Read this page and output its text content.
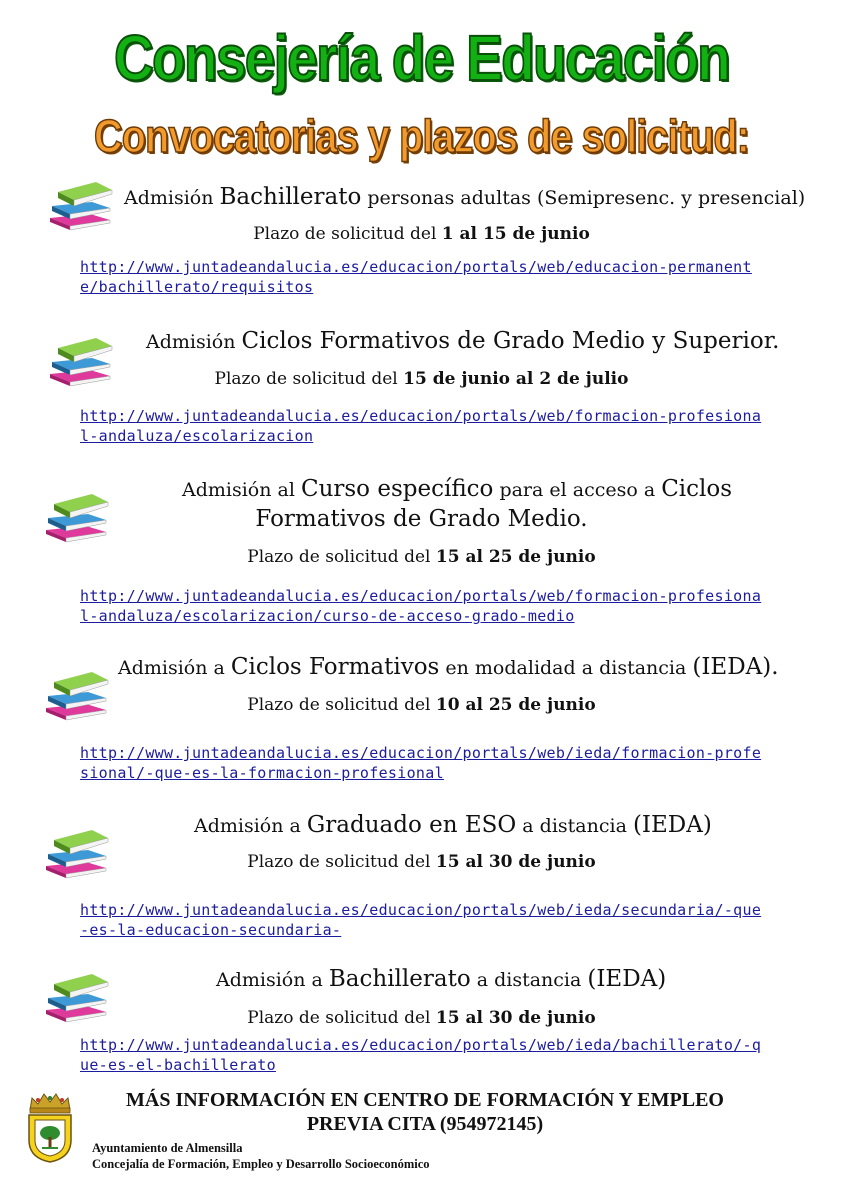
Consejería de Educación
Convocatorias y plazos de solicitud:
Admisión Bachillerato personas adultas (Semipresenc. y presencial)
Plazo de solicitud del 1 al 15 de junio
http://www.juntadeandalucia.es/educacion/portals/web/educacion-permanente/bachillerato/requisitos
Admisión Ciclos Formativos de Grado Medio y Superior.
Plazo de solicitud del 15 de junio al 2 de julio
http://www.juntadeandalucia.es/educacion/portals/web/formacion-profesional-andaluza/escolarizacion
Admisión al Curso específico para el acceso a Ciclos
Formativos de Grado Medio.
Plazo de solicitud del 15 al 25 de junio
http://www.juntadeandalucia.es/educacion/portals/web/formacion-profesional-andaluza/escolarizacion/curso-de-acceso-grado-medio
Admisión a Ciclos Formativos en modalidad a distancia (IEDA).
Plazo de solicitud del 10 al 25 de junio
http://www.juntadeandalucia.es/educacion/portals/web/ieda/formacion-profesional/-que-es-la-formacion-profesional
Admisión a Graduado en ESO a distancia (IEDA)
Plazo de solicitud del 15 al 30 de junio
http://www.juntadeandalucia.es/educacion/portals/web/ieda/secundaria/-que-es-la-educacion-secundaria-
Admisión a Bachillerato a distancia (IEDA)
Plazo de solicitud del 15 al 30 de junio
http://www.juntadeandalucia.es/educacion/portals/web/ieda/bachillerato/-que-es-el-bachillerato
MÁS INFORMACIÓN EN CENTRO DE FORMACIÓN Y EMPLEO
PREVIA CITA (954972145)
Ayuntamiento de Almensilla
Concejalía de Formación, Empleo y Desarrollo Socioeconómico
